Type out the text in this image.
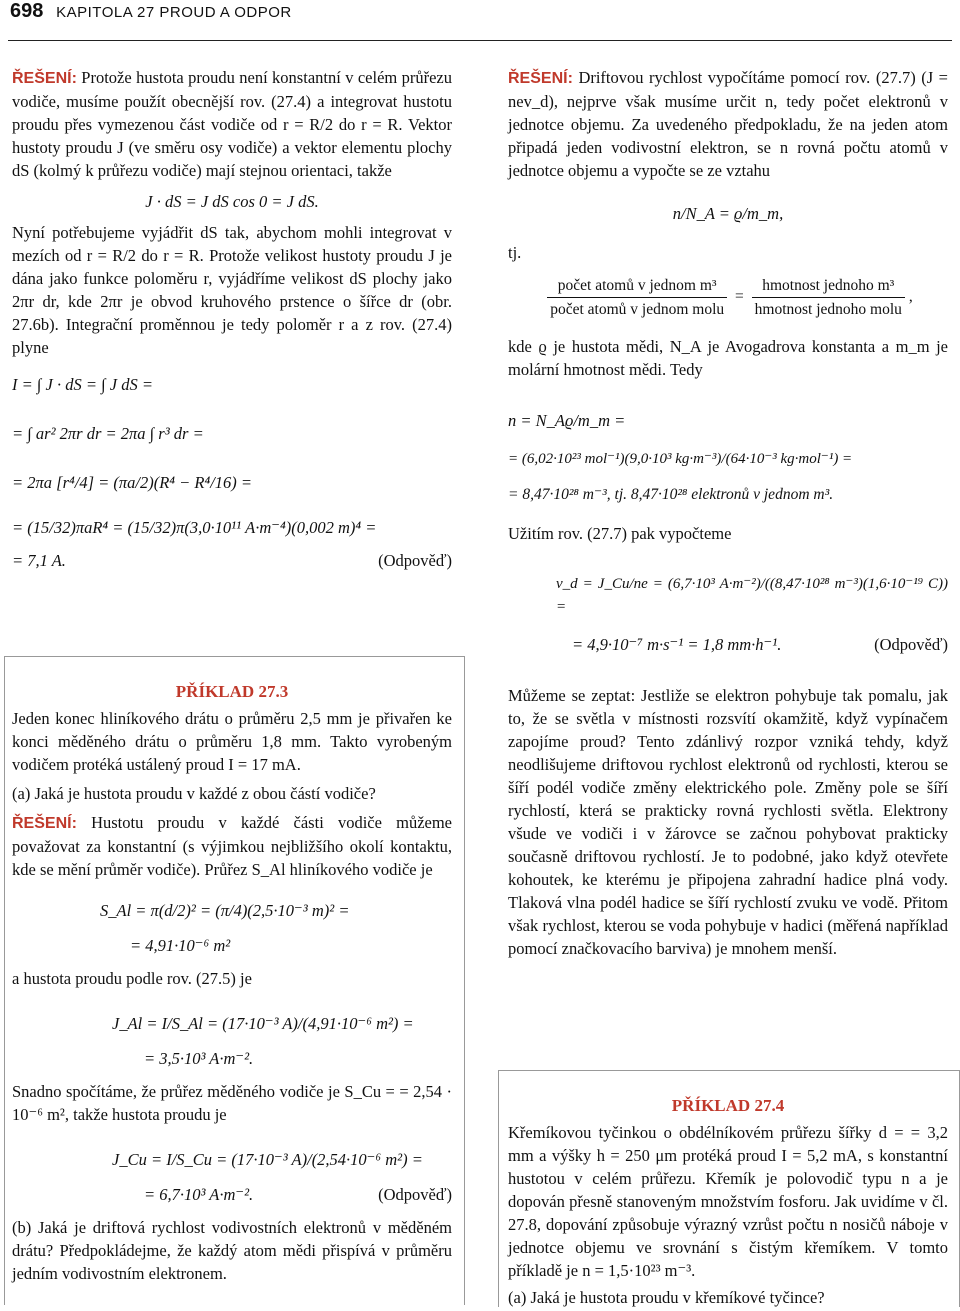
698 KAPITOLA 27 PROUD A ODPOR

ŘEŠENÍ: Protože hustota proudu není konstantní v celém průřezu vodiče, musíme použít obecnější rov. (27.4) a integrovat hustotu proudu přes vymezenou část vodiče od r = R/2 do r = R. Vektor hustoty proudu J (ve směru osy vodiče) a vektor elementu plochy dS (kolmý k průřezu vodiče) mají stejnou orientaci, takže

J · dS = J dS cos 0 = J dS.

Nyní potřebujeme vyjádřit dS tak, abychom mohli integrovat v mezích od r = R/2 do r = R. Protože velikost hustoty proudu J je dána jako funkce poloměru r, vyjádříme velikost dS plochy jako 2πr dr, kde 2πr je obvod kruhového prstence o šířce dr (obr. 27.6b). Integrační proměnnou je tedy poloměr r a z rov. (27.4) plyne

I = ∫ J · dS = ∫ J dS =
= ∫ ar² 2πr dr = 2πa ∫ r³ dr =
= 2πa [r⁴/4] = (πa/2)(R⁴ − R⁴/16) =
= (15/32)πaR⁴ = (15/32)π(3,0·10¹¹ A·m⁻⁴)(0,002 m)⁴ =
= 7,1 A.	(Odpověď)
PŘÍKLAD 27.3

Jeden konec hliníkového drátu o průměru 2,5 mm je přivařen ke konci měděného drátu o průměru 1,8 mm. Takto vyrobeným vodičem protéká ustálený proud I = 17 mA.

(a) Jaká je hustota proudu v každé z obou částí vodiče?

ŘEŠENÍ: Hustotu proudu v každé části vodiče můžeme považovat za konstantní (s výjimkou nejbližšího okolí kontaktu, kde se mění průměr vodiče). Průřez S_Al hliníkového vodiče je

S_Al = π(d/2)² = (π/4)(2,5·10⁻³ m)² =
= 4,91·10⁻⁶ m²

a hustota proudu podle rov. (27.5) je

J_Al = I/S_Al = (17·10⁻³ A)/(4,91·10⁻⁶ m²) =
= 3,5·10³ A·m⁻².

Snadno spočítáme, že průřez měděného vodiče je S_Cu = = 2,54 · 10⁻⁶ m², takže hustota proudu je

J_Cu = I/S_Cu = (17·10⁻³ A)/(2,54·10⁻⁶ m²) =
= 6,7·10³ A·m⁻².	(Odpověď)

(b) Jaká je driftová rychlost vodivostních elektronů v měděném drátu? Předpokládejme, že každý atom mědi přispívá v průměru jedním vodivostním elektronem.

ŘEŠENÍ: Driftovou rychlost vypočítáme pomocí rov. (27.7) (J = nev_d), nejprve však musíme určit n, tedy počet elektronů v jednotce objemu. Za uvedeného předpokladu, že na jeden atom připadá jeden vodivostní elektron, se n rovná počtu atomů v jednotce objemu a vypočte se ze vztahu

n/N_A = ϱ/m_m,

tj.

počet atomů v jednom m³
počet atomů v jednom molu
=
hmotnost jednoho m³
hmotnost jednoho molu
,

kde ϱ je hustota mědi, N_A je Avogadrova konstanta a m_m je molární hmotnost mědi. Tedy

n = N_Aϱ/m_m =
= (6,02·10²³ mol⁻¹)(9,0·10³ kg·m⁻³)/(64·10⁻³ kg·mol⁻¹) =
= 8,47·10²⁸ m⁻³, tj. 8,47·10²⁸ elektronů v jednom m³.

Užitím rov. (27.7) pak vypočteme

v_d = J_Cu/ne = (6,7·10³ A·m⁻²)/((8,47·10²⁸ m⁻³)(1,6·10⁻¹⁹ C)) =
= 4,9·10⁻⁷ m·s⁻¹ = 1,8 mm·h⁻¹.	(Odpověď)

Můžeme se zeptat: Jestliže se elektron pohybuje tak pomalu, jak to, že se světla v místnosti rozsvítí okamžitě, když vypínačem zapojíme proud? Tento zdánlivý rozpor vzniká tehdy, když neodlišujeme driftovou rychlost elektronů od rychlosti, kterou se šíří podél vodiče změny elektrického pole. Změny pole se šíří rychlostí, která se prakticky rovná rychlosti světla. Elektrony všude ve vodiči i v žárovce se začnou pohybovat prakticky současně driftovou rychlostí. Je to podobné, jako když otevřete kohoutek, ke kterému je připojena zahradní hadice plná vody. Tlaková vlna podél hadice se šíří rychlostí zvuku ve vodě. Přitom však rychlost, kterou se voda pohybuje v hadici (měřená například pomocí značkovacího barviva) je mnohem menší.

PŘÍKLAD 27.4

Křemíkovou tyčinkou o obdélníkovém průřezu šířky d = = 3,2 mm a výšky h = 250 μm protéká proud I = 5,2 mA, s konstantní hustotou v celém průřezu. Křemík je polovodič typu n a je dopován přesně stanoveným množstvím fosforu. Jak uvidíme v čl. 27.8, dopování způsobuje výrazný vzrůst počtu n nosičů náboje v jednotce objemu ve srovnání s čistým křemíkem. V tomto příkladě je n = 1,5·10²³ m⁻³.

(a) Jaká je hustota proudu v křemíkové tyčince?
